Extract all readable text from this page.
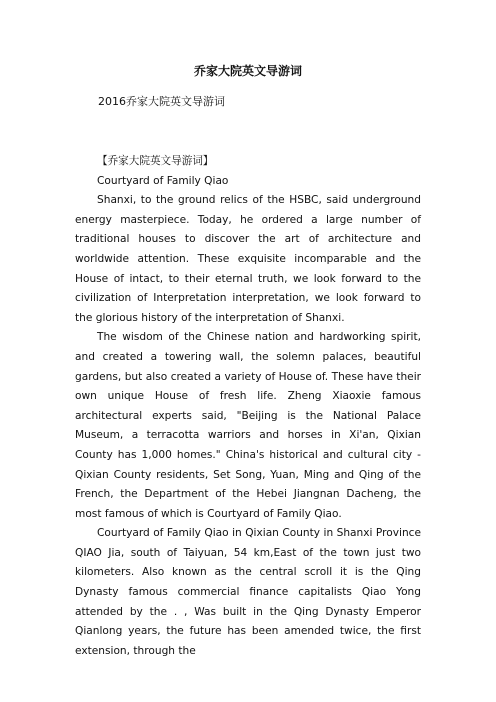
乔家大院英文导游词
2016乔家大院英文导游词

【乔家大院英文导游词】

Courtyard of Family Qiao

Shanxi, to the ground relics of the HSBC, said underground energy masterpiece. Today, he ordered a large number of traditional houses to discover the art of architecture and worldwide attention. These exquisite incomparable and the House of intact, to their eternal truth, we look forward to the civilization of Interpretation interpretation, we look forward to the glorious history of the interpretation of Shanxi.

The wisdom of the Chinese nation and hardworking spirit, and created a towering wall, the solemn palaces, beautiful gardens, but also created a variety of House of. These have their own unique House of fresh life. Zheng Xiaoxie famous architectural experts said, "Beijing is the National Palace Museum, a terracotta warriors and horses in Xi'an, Qixian County has 1,000 homes." China's historical and cultural city - Qixian County residents, Set Song, Yuan, Ming and Qing of the French, the Department of the Hebei Jiangnan Dacheng, the most famous of which is Courtyard of Family Qiao.

Courtyard of Family Qiao in Qixian County in Shanxi Province QIAO Jia, south of Taiyuan, 54 km,East of the town just two kilometers. Also known as the central scroll it is the Qing Dynasty famous commercial finance capitalists Qiao Yong attended by the . , Was built in the Qing Dynasty Emperor Qianlong years, the future has been amended twice, the first extension, through the
